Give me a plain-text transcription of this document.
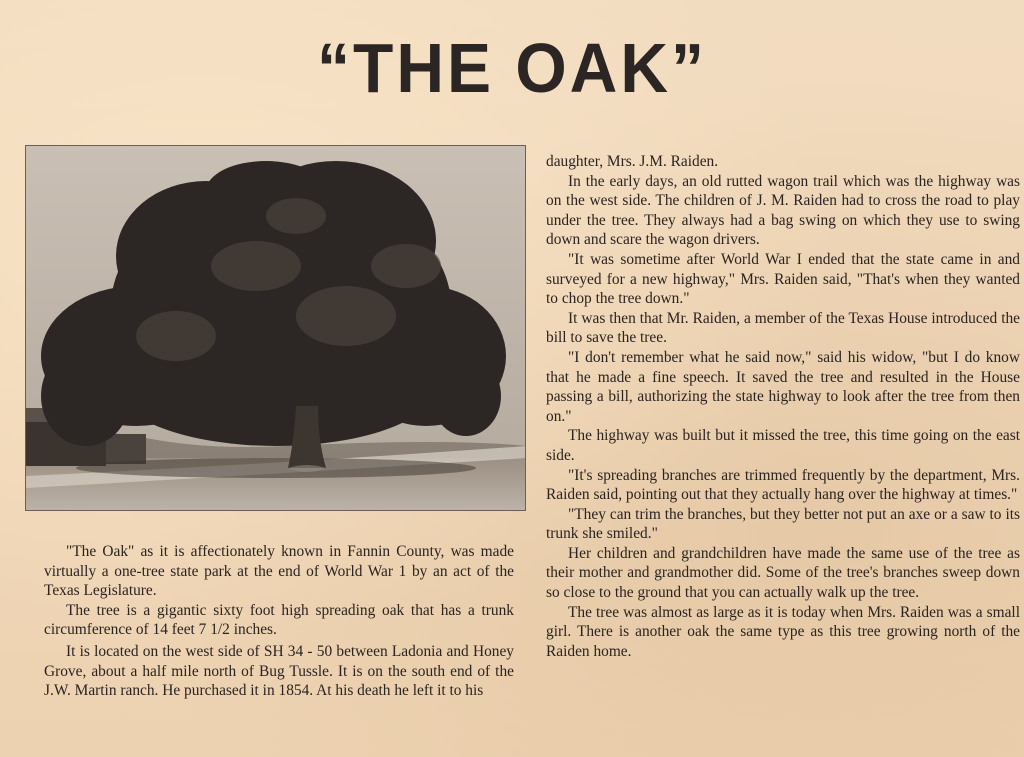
“THE OAK”

"The Oak" as it is affectionately known in Fannin County, was made virtually a one-tree state park at the end of World War 1 by an act of the Texas Legislature.

The tree is a gigantic sixty foot high spreading oak that has a trunk circumference of 14 feet 7 1/2 inches.

It is located on the west side of SH 34 - 50 between Ladonia and Honey Grove, about a half mile north of Bug Tussle. It is on the south end of the J.W. Martin ranch. He purchased it in 1854. At his death he left it to his

daughter, Mrs. J.M. Raiden.

In the early days, an old rutted wagon trail which was the highway was on the west side. The children of J. M. Raiden had to cross the road to play under the tree. They always had a bag swing on which they use to swing down and scare the wagon drivers.

"It was sometime after World War I ended that the state came in and surveyed for a new highway," Mrs. Raiden said, "That's when they wanted to chop the tree down."

It was then that Mr. Raiden, a member of the Texas House introduced the bill to save the tree.

"I don't remember what he said now," said his widow, "but I do know that he made a fine speech. It saved the tree and resulted in the House passing a bill, authorizing the state highway to look after the tree from then on."

The highway was built but it missed the tree, this time going on the east side.

"It's spreading branches are trimmed frequently by the department, Mrs. Raiden said, pointing out that they actually hang over the highway at times."

"They can trim the branches, but they better not put an axe or a saw to its trunk she smiled."

Her children and grandchildren have made the same use of the tree as their mother and grandmother did. Some of the tree's branches sweep down so close to the ground that you can actually walk up the tree.

The tree was almost as large as it is today when Mrs. Raiden was a small girl. There is another oak the same type as this tree growing north of the Raiden home.
